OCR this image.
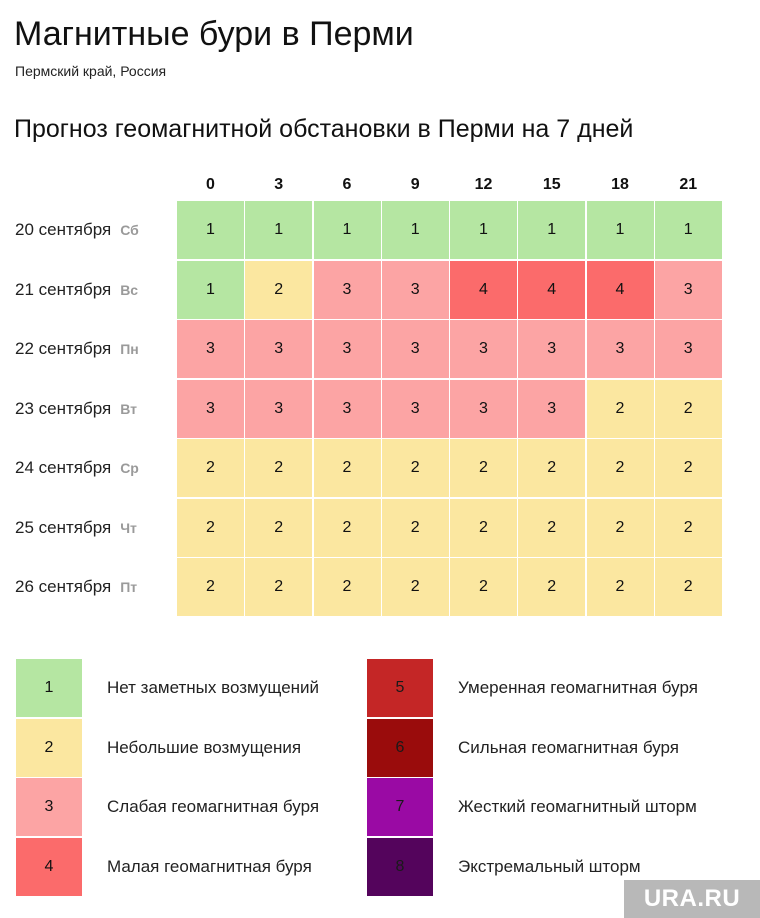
Магнитные бури в Перми
Пермский край, Россия
Прогноз геомагнитной обстановки в Перми на 7 дней
0	3	6	9	12	15	18	21
20 сентября Сб	1	1	1	1	1	1	1	1
21 сентября Вс	1	2	3	3	4	4	4	3
22 сентября Пн	3	3	3	3	3	3	3	3
23 сентября Вт	3	3	3	3	3	3	2	2
24 сентября Ср	2	2	2	2	2	2	2	2
25 сентября Чт	2	2	2	2	2	2	2	2
26 сентября Пт	2	2	2	2	2	2	2	2
1	Нет заметных возмущений
2	Небольшие возмущения
3	Слабая геомагнитная буря
4	Малая геомагнитная буря
5	Умеренная геомагнитная буря
6	Сильная геомагнитная буря
7	Жесткий геомагнитный шторм
8	Экстремальный шторм
URA.RU
